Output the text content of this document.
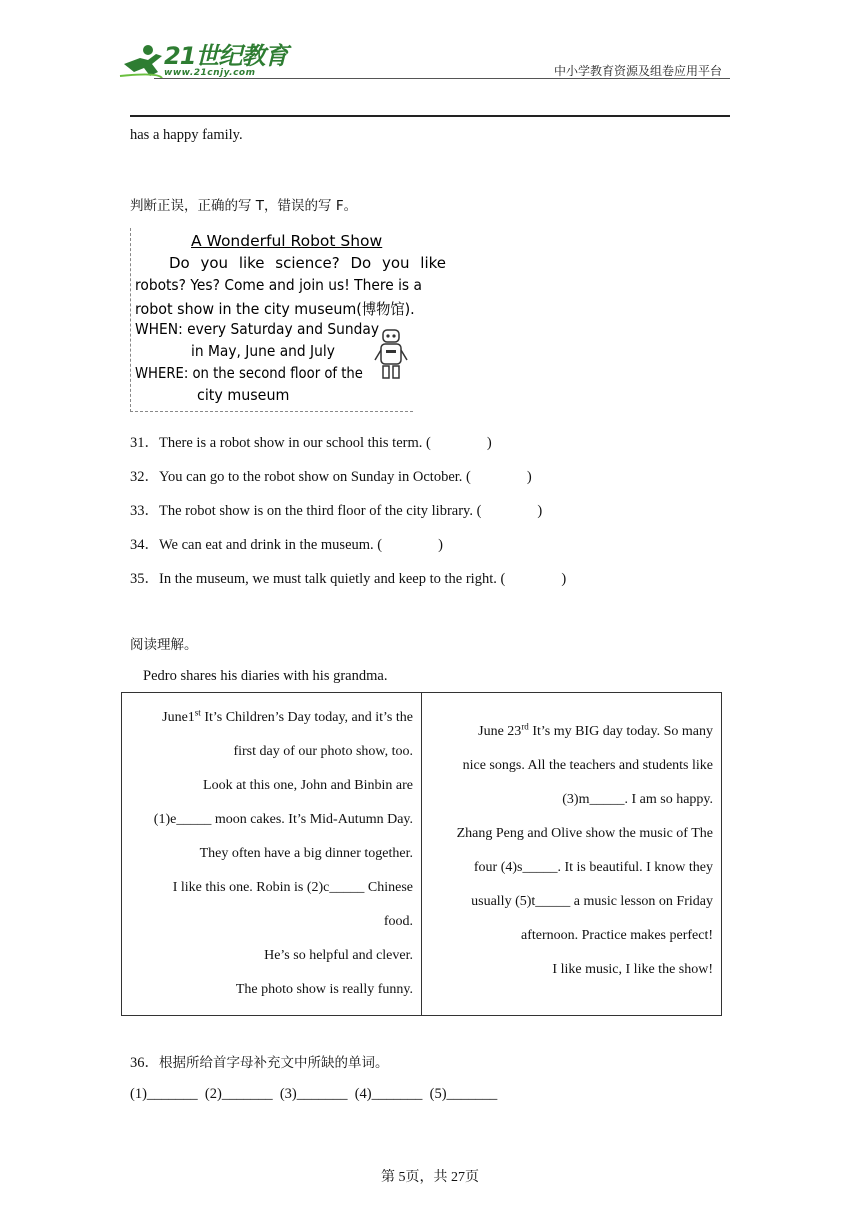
21世纪教育
www.21cnjy.com	中小学教育资源及组卷应用平台
has a happy family.
判断正误，正确的写 T，错误的写 F。
A Wonderful Robot Show
Do you like science? Do you like
robots? Yes? Come and join us! There is a
robot show in the city museum(博物馆).
WHEN: every Saturday and Sunday
in May, June and July
WHERE: on the second floor of the
city museum
31．There is a robot show in our school this term. (	)
32．You can go to the robot show on Sunday in October. (	)
33．The robot show is on the third floor of the city library. (	)
34．We can eat and drink in the museum. (	)
35．In the museum, we must talk quietly and keep to the right. (	)
阅读理解。
Pedro shares his diaries with his grandma.
June1st It’s Children’s Day today, and it’s the
first day of our photo show, too.
Look at this one, John and Binbin are
(1)e_____ moon cakes. It’s Mid-Autumn Day.
They often have a big dinner together.
I like this one. Robin is (2)c_____ Chinese
food.
He’s so helpful and clever.
The photo show is really funny.

June 23rd It’s my BIG day today. So many
nice songs. All the teachers and students like
(3)m_____. I am so happy.
Zhang Peng and Olive show the music of The
four (4)s_____. It is beautiful. I know they
usually (5)t_____ a music lesson on Friday
afternoon. Practice makes perfect!
I like music, I like the show!
36．根据所给首字母补充文中所缺的单词。
(1)_______  (2)_______  (3)_______  (4)_______  (5)_______
第 5页，共 27页
